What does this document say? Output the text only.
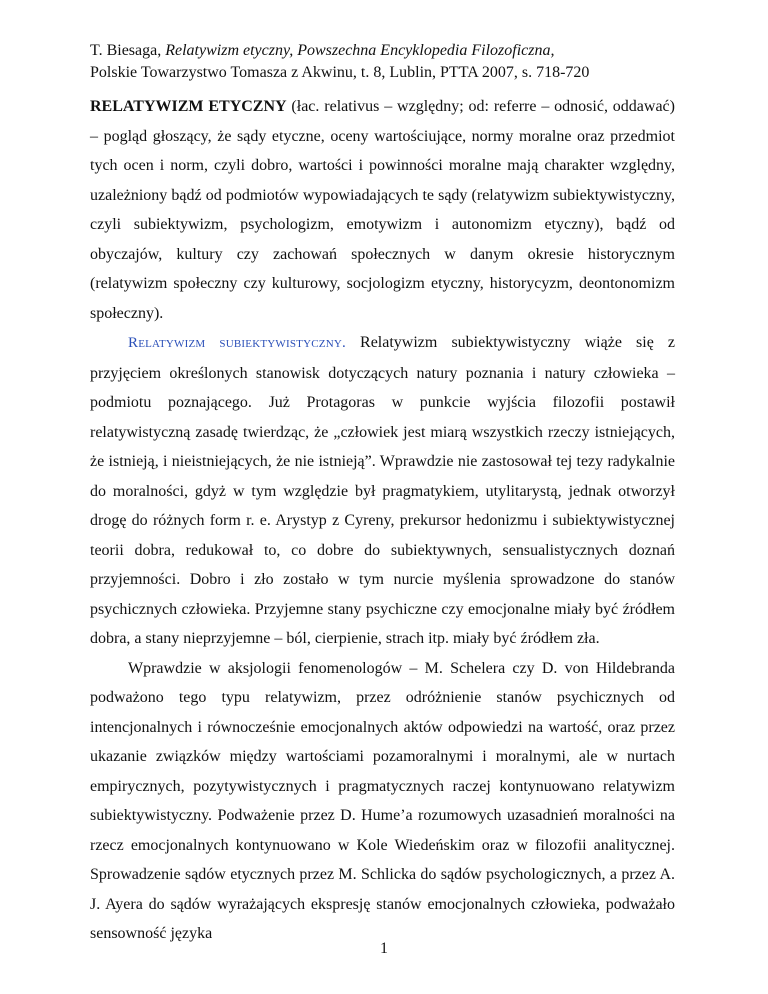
T. Biesaga, Relatywizm etyczny, Powszechna Encyklopedia Filozoficzna,
Polskie Towarzystwo Tomasza z Akwinu, t. 8, Lublin, PTTA 2007, s. 718-720

RELATYWIZM ETYCZNY (łac. relativus – względny; od: referre – odnosić, oddawać) – pogląd głoszący, że sądy etyczne, oceny wartościujące, normy moralne oraz przedmiot tych ocen i norm, czyli dobro, wartości i powinności moralne mają charakter względny, uzależniony bądź od podmiotów wypowiadających te sądy (relatywizm subiektywistyczny, czyli subiektywizm, psychologizm, emotywizm i autonomizm etyczny), bądź od obyczajów, kultury czy zachowań społecznych w danym okresie historycznym (relatywizm społeczny czy kulturowy, socjologizm etyczny, historycyzm, deontonomizm społeczny).

Relatywizm subiektywistyczny. Relatywizm subiektywistyczny wiąże się z przyjęciem określonych stanowisk dotyczących natury poznania i natury człowieka – podmiotu poznającego. Już Protagoras w punkcie wyjścia filozofii postawił relatywistyczną zasadę twierdząc, że „człowiek jest miarą wszystkich rzeczy istniejących, że istnieją, i nieistniejących, że nie istnieją”. Wprawdzie nie zastosował tej tezy radykalnie do moralności, gdyż w tym względzie był pragmatykiem, utylitarystą, jednak otworzył drogę do różnych form r. e. Arystyp z Cyreny, prekursor hedonizmu i subiektywistycznej teorii dobra, redukował to, co dobre do subiektywnych, sensualistycznych doznań przyjemności. Dobro i zło zostało w tym nurcie myślenia sprowadzone do stanów psychicznych człowieka. Przyjemne stany psychiczne czy emocjonalne miały być źródłem dobra, a stany nieprzyjemne – ból, cierpienie, strach itp. miały być źródłem zła.

Wprawdzie w aksjologii fenomenologów – M. Schelera czy D. von Hildebranda podważono tego typu relatywizm, przez odróżnienie stanów psychicznych od intencjonalnych i równocześnie emocjonalnych aktów odpowiedzi na wartość, oraz przez ukazanie związków między wartościami pozamoralnymi i moralnymi, ale w nurtach empirycznych, pozytywistycznych i pragmatycznych raczej kontynuowano relatywizm subiektywistyczny. Podważenie przez D. Hume’a rozumowych uzasadnień moralności na rzecz emocjonalnych kontynuowano w Kole Wiedeńskim oraz w filozofii analitycznej. Sprowadzenie sądów etycznych przez M. Schlicka do sądów psychologicznych, a przez A. J. Ayera do sądów wyrażających ekspresję stanów emocjonalnych człowieka, podważało sensowność języka

1
